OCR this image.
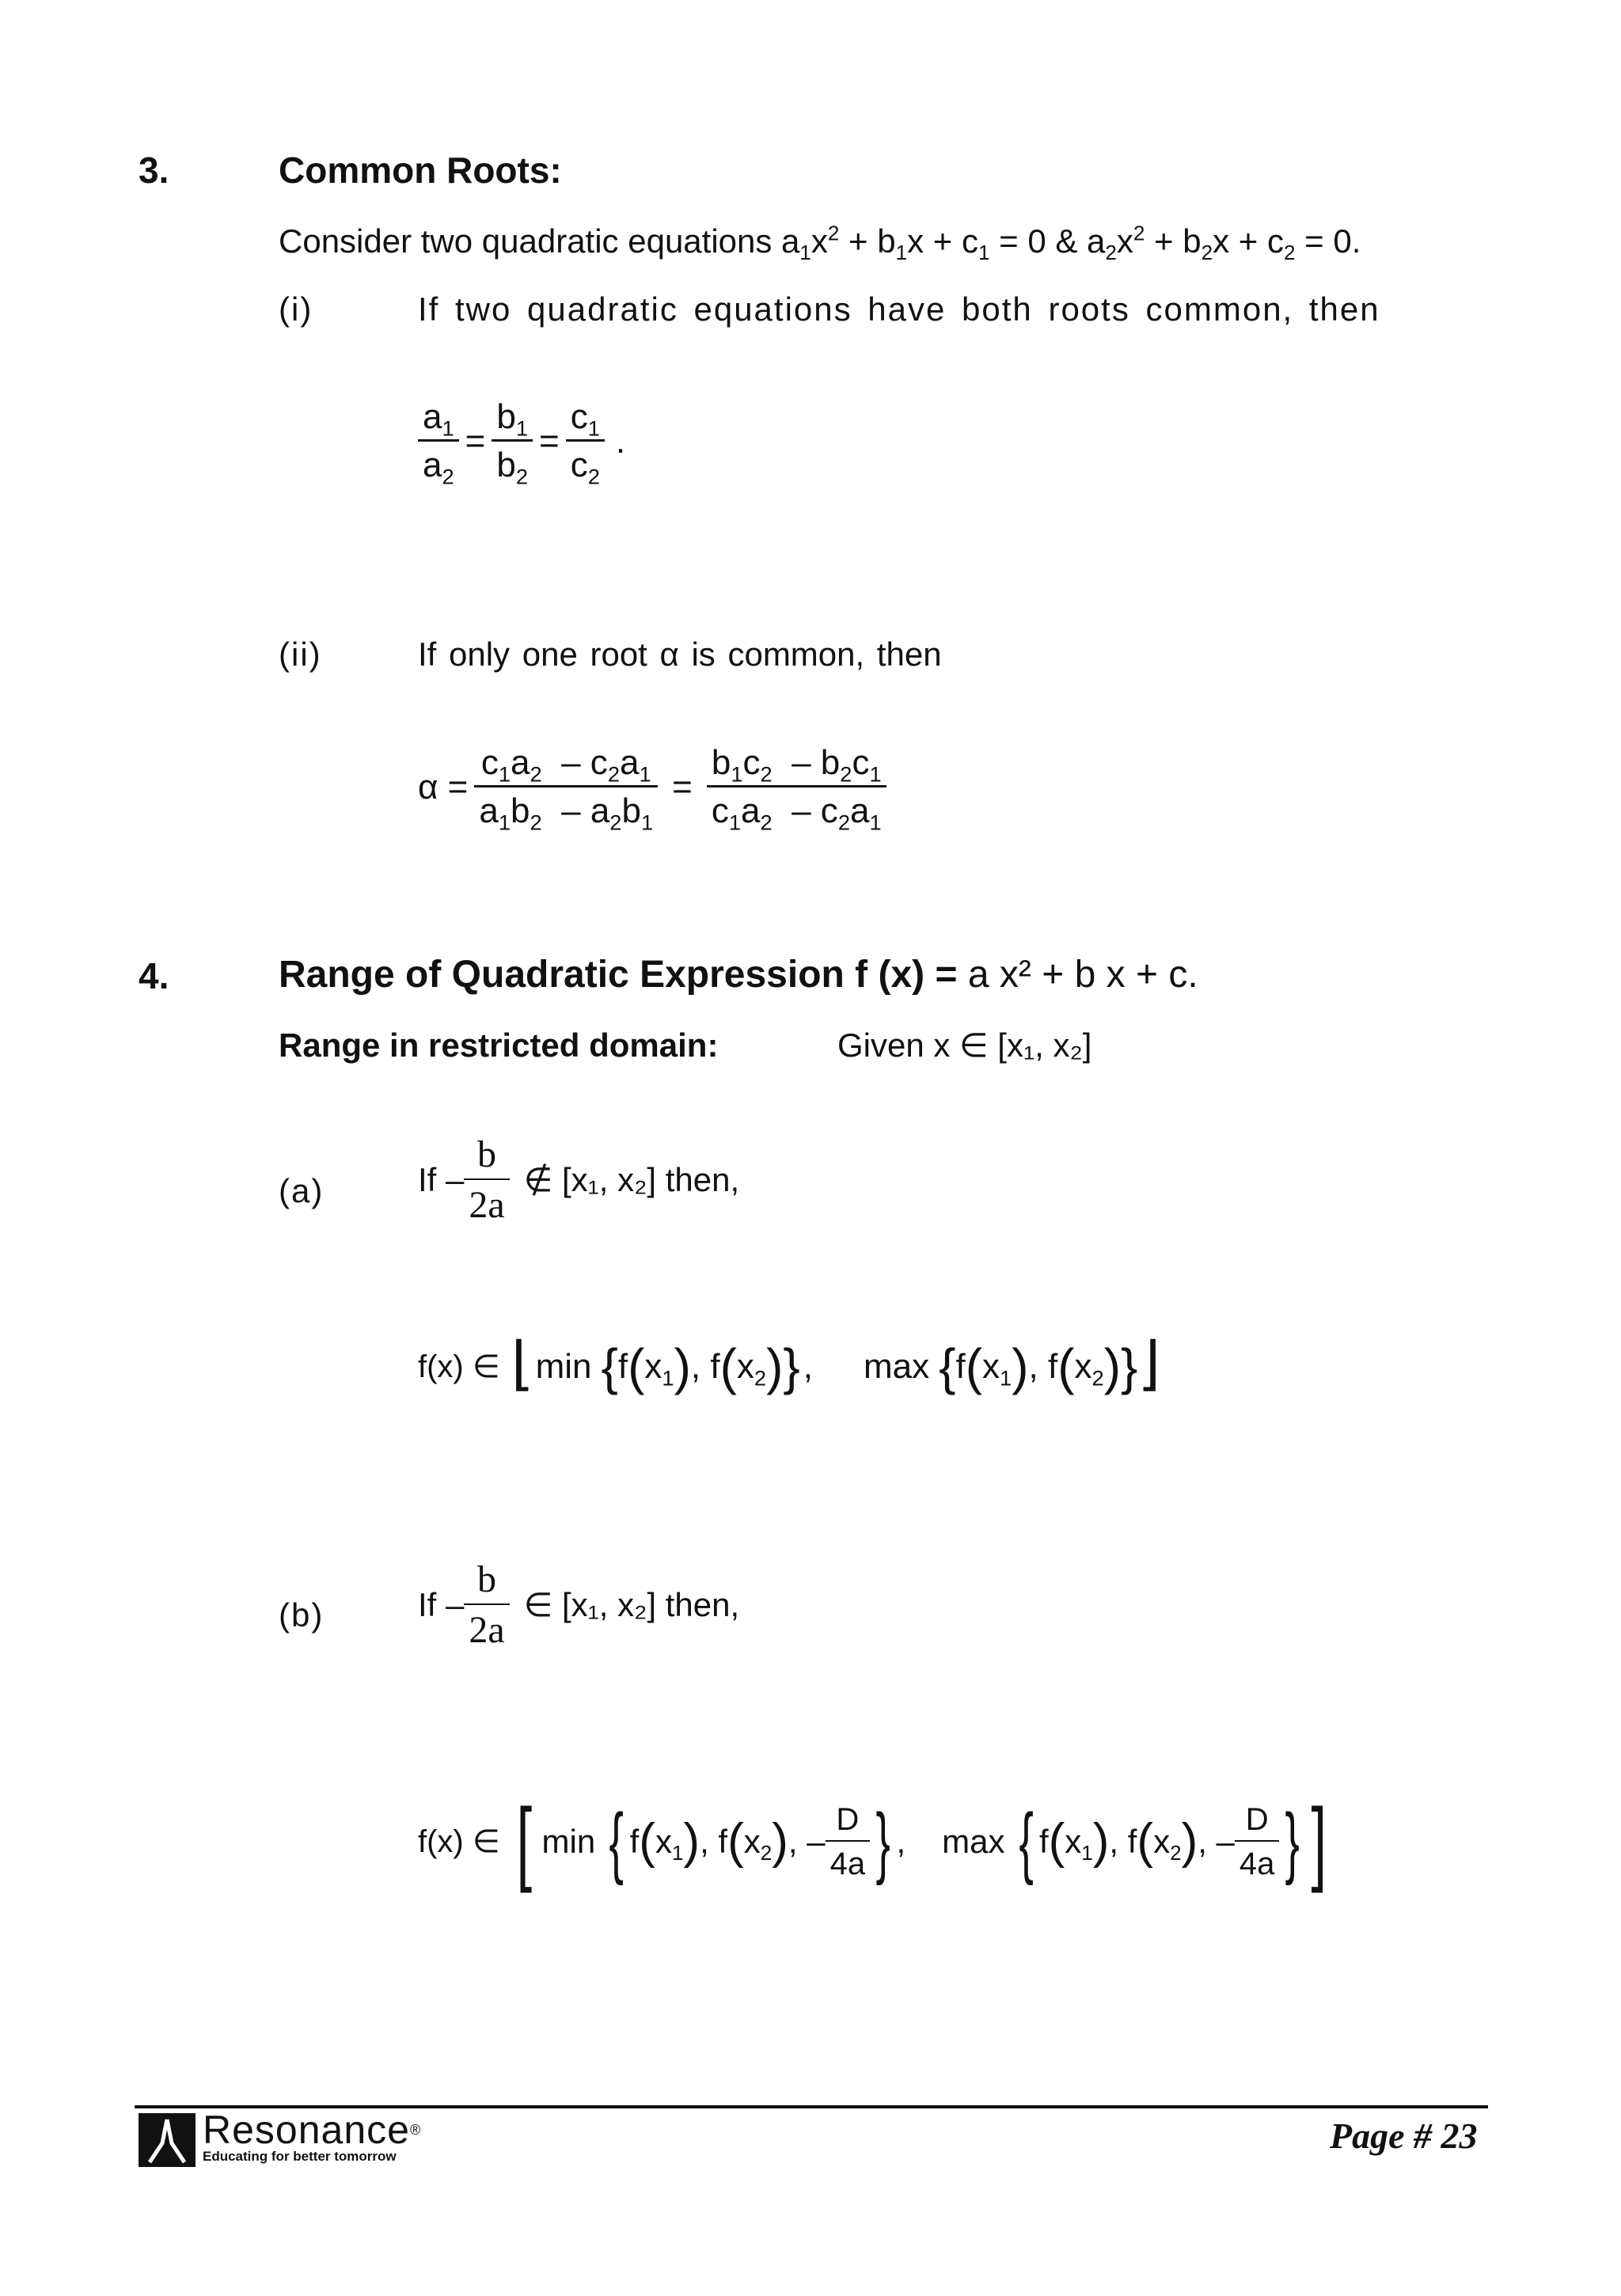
3.	Common Roots:
Consider two quadratic equations $a_1x^2 + b_1x + c_1 = 0$ & $a_2x^2 + b_2x + c_2 = 0$.
(i)	If two quadratic equations have both roots common, then
$\frac{a_1}{a_2} = \frac{b_1}{b_2} = \frac{c_1}{c_2}$ .
(ii)	If only one root α is common, then
$\alpha = \frac{c_1a_2 - c_2a_1}{a_1b_2 - a_2b_1} = \frac{b_1c_2 - b_2c_1}{c_1a_2 - c_2a_1}$
4.	Range of Quadratic Expression f (x) = a x² + b x + c.
Range in restricted domain:	Given x ∈ [x₁, x₂]
(a)	If – $\frac{b}{2a}$ ∉ [x₁, x₂] then,
f(x) ∈ ⌊ min { f ( $x_1$ ) , f ( $x_2$ ) } , max { f ( $x_1$ ) , f ( $x_2$ ) } ⌋
(b)	If – $\frac{b}{2a}$ ∈ [x₁, x₂] then,
f(x) ∈ [ min { f ( $x_1$ ) , f ( $x_2$ ) , – $\frac{D}{4a}$ } , max { f ( $x_1$ ) , f ( $x_2$ ) , – $\frac{D}{4a}$ } ]
Resonance®
Educating for better tomorrow
Page # 23
